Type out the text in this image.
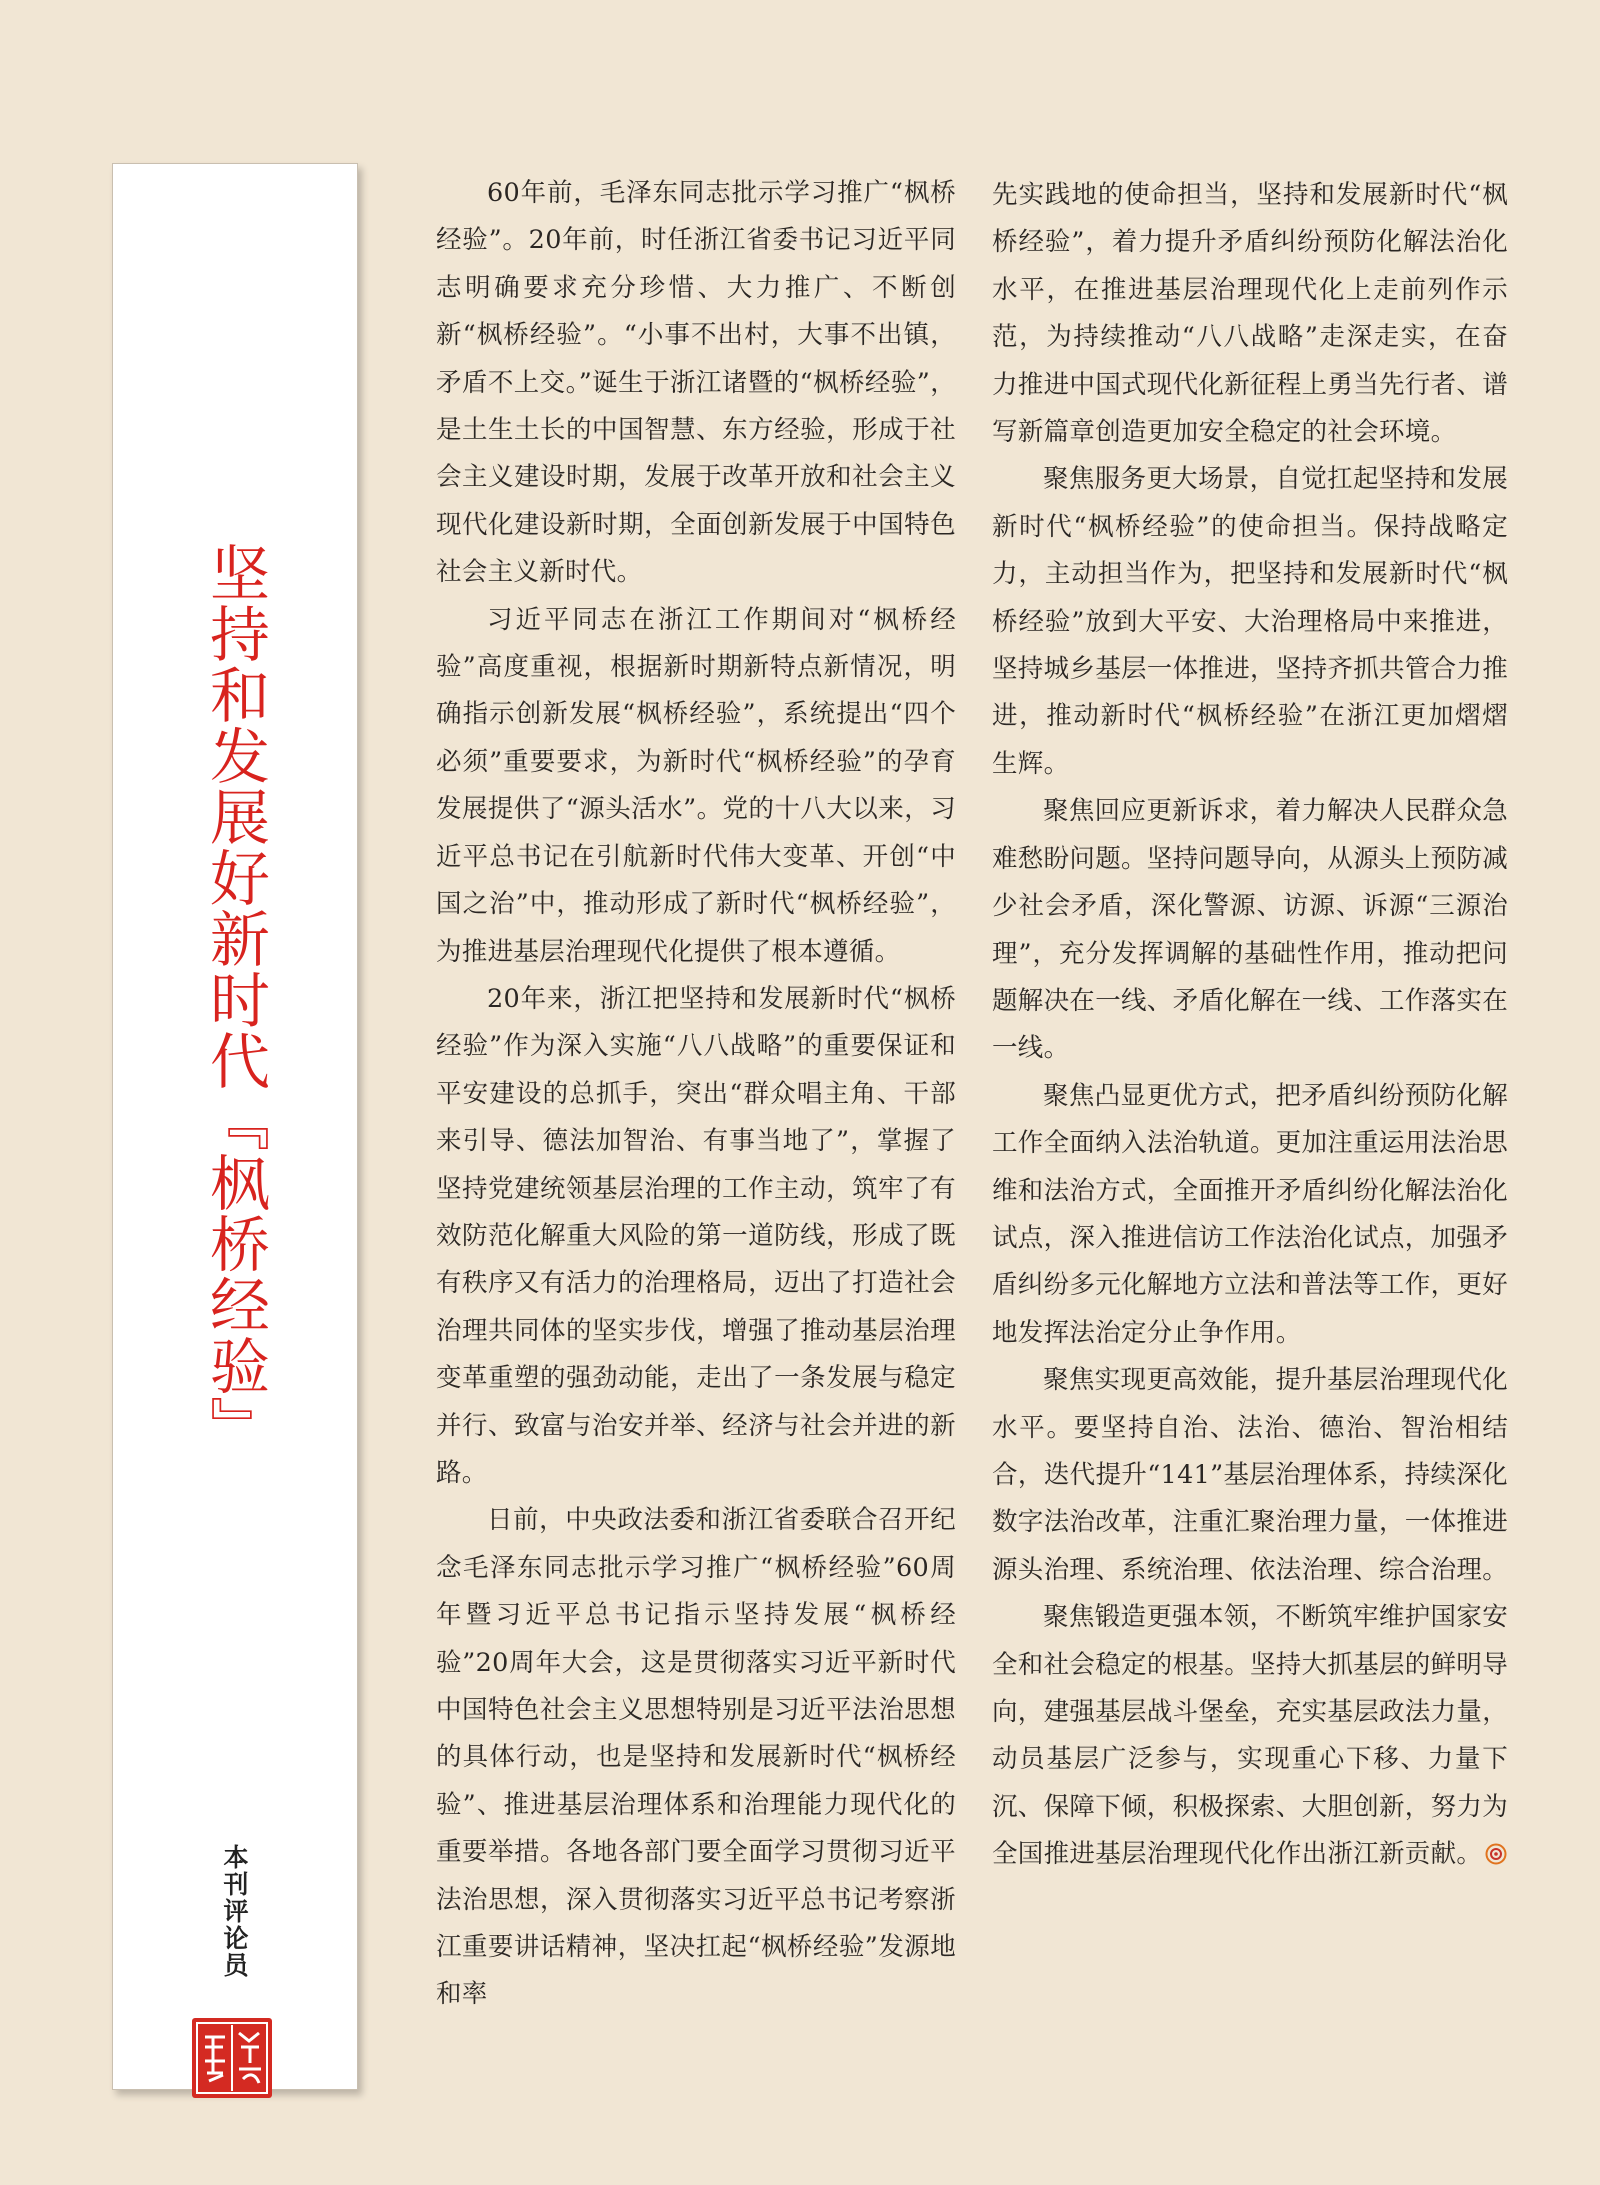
坚持和发展好新时代『枫桥经验』
本刊评论员

60年前，毛泽东同志批示学习推广“枫桥经验”。20年前，时任浙江省委书记习近平同志明确要求充分珍惜、大力推广、不断创新“枫桥经验”。“小事不出村，大事不出镇，矛盾不上交。”诞生于浙江诸暨的“枫桥经验”，是土生土长的中国智慧、东方经验，形成于社会主义建设时期，发展于改革开放和社会主义现代化建设新时期，全面创新发展于中国特色社会主义新时代。

习近平同志在浙江工作期间对“枫桥经验”高度重视，根据新时期新特点新情况，明确指示创新发展“枫桥经验”，系统提出“四个必须”重要要求，为新时代“枫桥经验”的孕育发展提供了“源头活水”。党的十八大以来，习近平总书记在引航新时代伟大变革、开创“中国之治”中，推动形成了新时代“枫桥经验”，为推进基层治理现代化提供了根本遵循。

20年来，浙江把坚持和发展新时代“枫桥经验”作为深入实施“八八战略”的重要保证和平安建设的总抓手，突出“群众唱主角、干部来引导、德法加智治、有事当地了”，掌握了坚持党建统领基层治理的工作主动，筑牢了有效防范化解重大风险的第一道防线，形成了既有秩序又有活力的治理格局，迈出了打造社会治理共同体的坚实步伐，增强了推动基层治理变革重塑的强劲动能，走出了一条发展与稳定并行、致富与治安并举、经济与社会并进的新路。

日前，中央政法委和浙江省委联合召开纪念毛泽东同志批示学习推广“枫桥经验”60周年暨习近平总书记指示坚持发展“枫桥经验”20周年大会，这是贯彻落实习近平新时代中国特色社会主义思想特别是习近平法治思想的具体行动，也是坚持和发展新时代“枫桥经验”、推进基层治理体系和治理能力现代化的重要举措。各地各部门要全面学习贯彻习近平法治思想，深入贯彻落实习近平总书记考察浙江重要讲话精神，坚决扛起“枫桥经验”发源地和率

先实践地的使命担当，坚持和发展新时代“枫桥经验”，着力提升矛盾纠纷预防化解法治化水平，在推进基层治理现代化上走前列作示范，为持续推动“八八战略”走深走实，在奋力推进中国式现代化新征程上勇当先行者、谱写新篇章创造更加安全稳定的社会环境。

聚焦服务更大场景，自觉扛起坚持和发展新时代“枫桥经验”的使命担当。保持战略定力，主动担当作为，把坚持和发展新时代“枫桥经验”放到大平安、大治理格局中来推进，坚持城乡基层一体推进，坚持齐抓共管合力推进，推动新时代“枫桥经验”在浙江更加熠熠生辉。

聚焦回应更新诉求，着力解决人民群众急难愁盼问题。坚持问题导向，从源头上预防减少社会矛盾，深化警源、访源、诉源“三源治理”，充分发挥调解的基础性作用，推动把问题解决在一线、矛盾化解在一线、工作落实在一线。

聚焦凸显更优方式，把矛盾纠纷预防化解工作全面纳入法治轨道。更加注重运用法治思维和法治方式，全面推开矛盾纠纷化解法治化试点，深入推进信访工作法治化试点，加强矛盾纠纷多元化解地方立法和普法等工作，更好地发挥法治定分止争作用。

聚焦实现更高效能，提升基层治理现代化水平。要坚持自治、法治、德治、智治相结合，迭代提升“141”基层治理体系，持续深化数字法治改革，注重汇聚治理力量，一体推进源头治理、系统治理、依法治理、综合治理。

聚焦锻造更强本领，不断筑牢维护国家安全和社会稳定的根基。坚持大抓基层的鲜明导向，建强基层战斗堡垒，充实基层政法力量，动员基层广泛参与，实现重心下移、力量下沉、保障下倾，积极探索、大胆创新，努力为全国推进基层治理现代化作出浙江新贡献。
